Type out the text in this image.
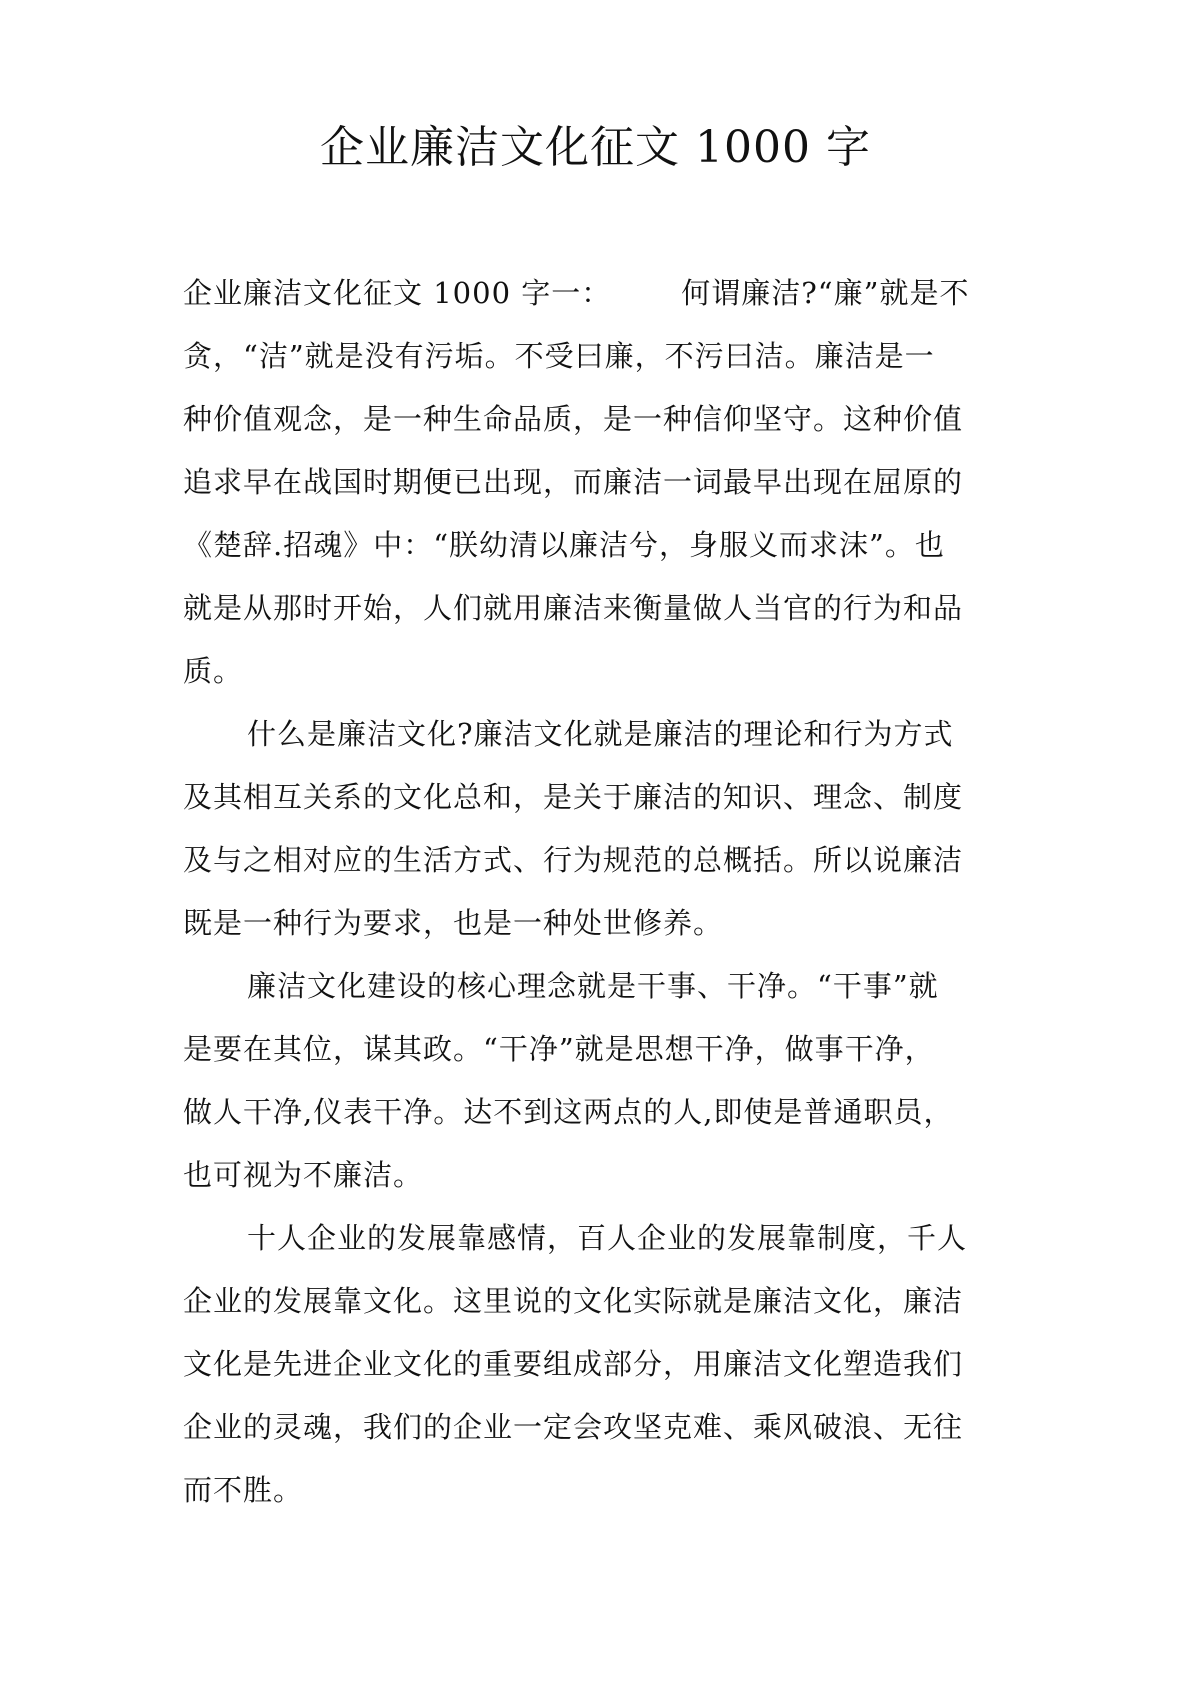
企业廉洁文化征文 1000 字
企业廉洁文化征文 1000 字一： 何谓廉洁?“廉”就是不
贪，“洁”就是没有污垢。不受曰廉，不污曰洁。廉洁是一
种价值观念，是一种生命品质，是一种信仰坚守。这种价值
追求早在战国时期便已出现，而廉洁一词最早出现在屈原的
《楚辞.招魂》中：“朕幼清以廉洁兮，身服义而求沫”。也
就是从那时开始，人们就用廉洁来衡量做人当官的行为和品
质。
什么是廉洁文化?廉洁文化就是廉洁的理论和行为方式
及其相互关系的文化总和，是关于廉洁的知识、理念、制度
及与之相对应的生活方式、行为规范的总概括。所以说廉洁
既是一种行为要求，也是一种处世修养。
廉洁文化建设的核心理念就是干事、干净。“干事”就
是要在其位，谋其政。“干净”就是思想干净，做事干净，
做人干净,仪表干净。达不到这两点的人,即使是普通职员，
也可视为不廉洁。
十人企业的发展靠感情，百人企业的发展靠制度，千人
企业的发展靠文化。这里说的文化实际就是廉洁文化，廉洁
文化是先进企业文化的重要组成部分，用廉洁文化塑造我们
企业的灵魂，我们的企业一定会攻坚克难、乘风破浪、无往
而不胜。
